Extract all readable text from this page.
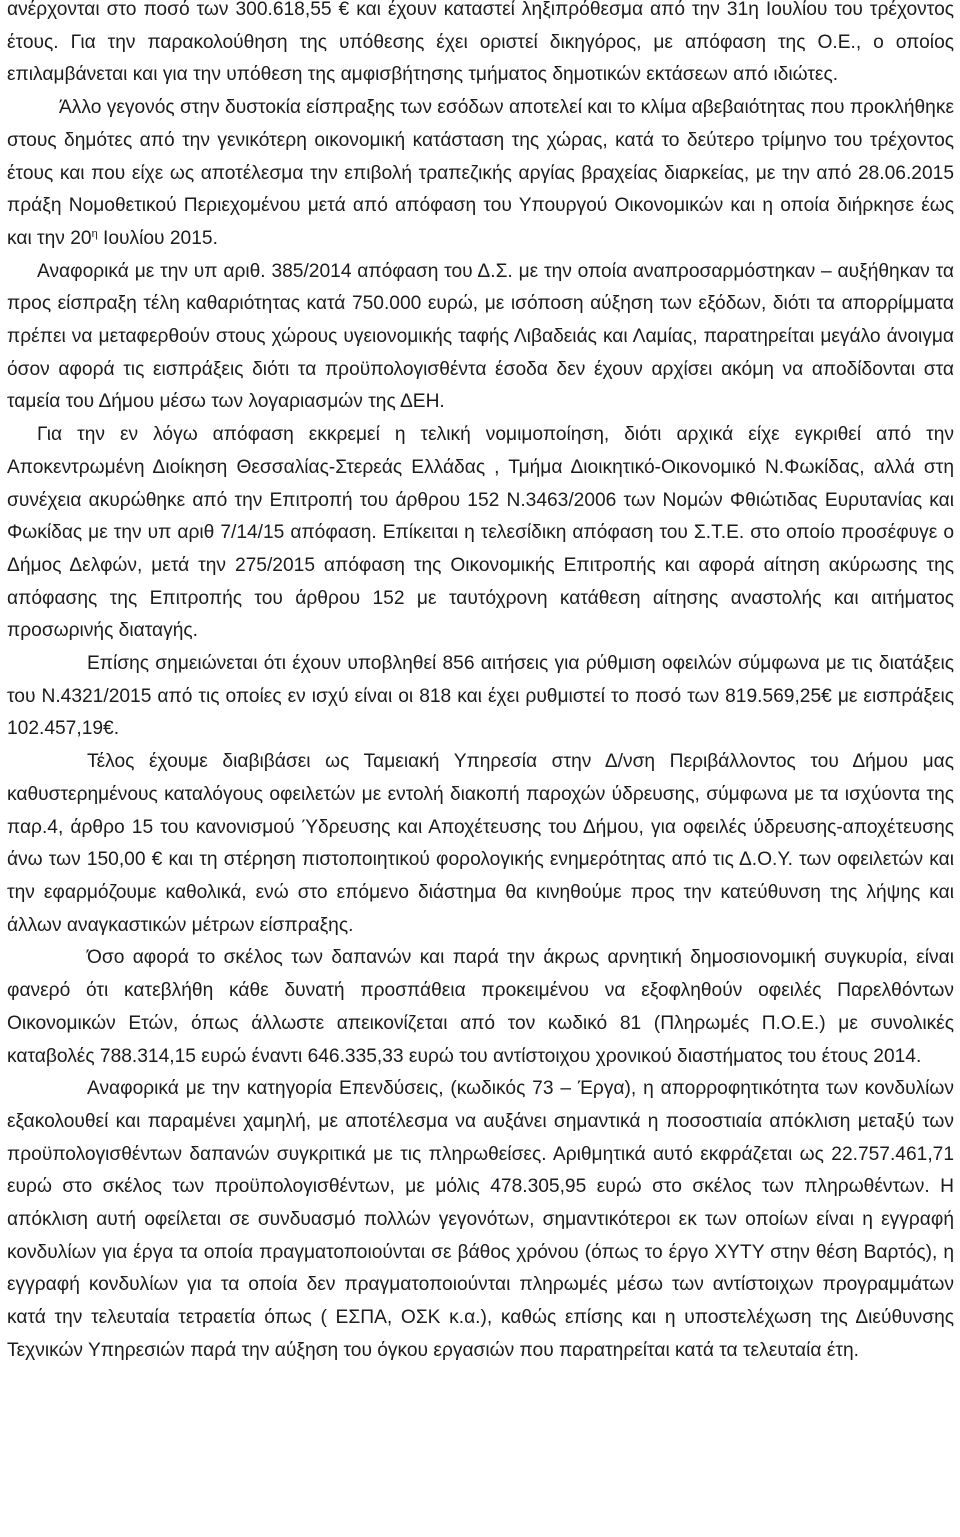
ανέρχονται στο ποσό των 300.618,55 € και έχουν καταστεί ληξιπρόθεσμα από την 31η Ιουλίου του τρέχοντος έτους. Για την παρακολούθηση της υπόθεσης έχει οριστεί δικηγόρος, με απόφαση της Ο.Ε., ο οποίος επιλαμβάνεται και για την υπόθεση της αμφισβήτησης τμήματος δημοτικών εκτάσεων από ιδιώτες.

Άλλο γεγονός στην δυστοκία είσπραξης των εσόδων αποτελεί και το κλίμα αβεβαιότητας που προκλήθηκε στους δημότες από την γενικότερη οικονομική κατάσταση της χώρας, κατά το δεύτερο τρίμηνο του τρέχοντος έτους και που είχε ως αποτέλεσμα την επιβολή τραπεζικής αργίας βραχείας διαρκείας, με την από 28.06.2015 πράξη Νομοθετικού Περιεχομένου μετά από απόφαση του Υπουργού Οικονομικών και η οποία διήρκησε έως και την $20^\eta$ Ιουλίου 2015.

Αναφορικά με την υπ αριθ. 385/2014 απόφαση του Δ.Σ. με την οποία αναπροσαρμόστηκαν – αυξήθηκαν τα προς είσπραξη τέλη καθαριότητας κατά 750.000 ευρώ, με ισόποση αύξηση των εξόδων, διότι τα απορρίμματα πρέπει να μεταφερθούν στους χώρους υγειονομικής ταφής Λιβαδειάς και Λαμίας, παρατηρείται μεγάλο άνοιγμα όσον αφορά τις εισπράξεις διότι τα προϋπολογισθέντα έσοδα δεν έχουν αρχίσει ακόμη να αποδίδονται στα ταμεία του Δήμου μέσω των λογαριασμών της ΔΕΗ.

Για την εν λόγω απόφαση εκκρεμεί η τελική νομιμοποίηση, διότι αρχικά είχε εγκριθεί από την Αποκεντρωμένη Διοίκηση Θεσσαλίας-Στερεάς Ελλάδας , Τμήμα Διοικητικό-Οικονομικό Ν.Φωκίδας, αλλά στη συνέχεια ακυρώθηκε από την Επιτροπή του άρθρου 152 Ν.3463/2006 των Νομών Φθιώτιδας Ευρυτανίας και Φωκίδας με την υπ αριθ 7/14/15 απόφαση. Επίκειται η τελεσίδικη απόφαση του Σ.Τ.Ε. στο οποίο προσέφυγε ο Δήμος Δελφών, μετά την 275/2015 απόφαση της Οικονομικής Επιτροπής και αφορά αίτηση ακύρωσης της απόφασης της Επιτροπής του άρθρου 152 με ταυτόχρονη κατάθεση αίτησης αναστολής και αιτήματος προσωρινής διαταγής.

Επίσης σημειώνεται ότι έχουν υποβληθεί 856 αιτήσεις για ρύθμιση οφειλών σύμφωνα με τις διατάξεις του Ν.4321/2015 από τις οποίες εν ισχύ είναι οι 818 και έχει ρυθμιστεί το ποσό των 819.569,25€ με εισπράξεις 102.457,19€.

Τέλος έχουμε διαβιβάσει ως Ταμειακή Υπηρεσία στην Δ/νση Περιβάλλοντος του Δήμου μας καθυστερημένους καταλόγους οφειλετών με εντολή διακοπή παροχών ύδρευσης, σύμφωνα με τα ισχύοντα της παρ.4, άρθρο 15 του κανονισμού Ύδρευσης και Αποχέτευσης του Δήμου, για οφειλές ύδρευσης-αποχέτευσης άνω των 150,00 € και τη στέρηση πιστοποιητικού φορολογικής ενημερότητας από τις Δ.Ο.Υ. των οφειλετών και την εφαρμόζουμε καθολικά, ενώ στο επόμενο διάστημα θα κινηθούμε προς την κατεύθυνση της λήψης και άλλων αναγκαστικών μέτρων είσπραξης.

Όσο αφορά το σκέλος των δαπανών και παρά την άκρως αρνητική δημοσιονομική συγκυρία, είναι φανερό ότι κατεβλήθη κάθε δυνατή προσπάθεια προκειμένου να εξοφληθούν οφειλές Παρελθόντων Οικονομικών Ετών, όπως άλλωστε απεικονίζεται από τον κωδικό 81 (Πληρωμές Π.Ο.Ε.) με συνολικές καταβολές 788.314,15 ευρώ έναντι 646.335,33 ευρώ του αντίστοιχου χρονικού διαστήματος του έτους 2014.

Αναφορικά με την κατηγορία Επενδύσεις, (κωδικός 73 – Έργα), η απορροφητικότητα των κονδυλίων εξακολουθεί και παραμένει χαμηλή, με αποτέλεσμα να αυξάνει σημαντικά η ποσοστιαία απόκλιση μεταξύ των προϋπολογισθέντων δαπανών συγκριτικά με τις πληρωθείσες. Αριθμητικά αυτό εκφράζεται ως 22.757.461,71 ευρώ στο σκέλος των προϋπολογισθέντων, με μόλις 478.305,95 ευρώ στο σκέλος των πληρωθέντων. Η απόκλιση αυτή οφείλεται σε συνδυασμό πολλών γεγονότων, σημαντικότεροι εκ των οποίων είναι η εγγραφή κονδυλίων για έργα τα οποία πραγματοποιούνται σε βάθος χρόνου (όπως το έργο ΧΥΤΥ στην θέση Βαρτός), η εγγραφή κονδυλίων για τα οποία δεν πραγματοποιούνται πληρωμές μέσω των αντίστοιχων προγραμμάτων κατά την τελευταία τετραετία όπως ( ΕΣΠΑ, ΟΣΚ κ.α.), καθώς επίσης και η υποστελέχωση της Διεύθυνσης Τεχνικών Υπηρεσιών παρά την αύξηση του όγκου εργασιών που παρατηρείται κατά τα τελευταία έτη.
